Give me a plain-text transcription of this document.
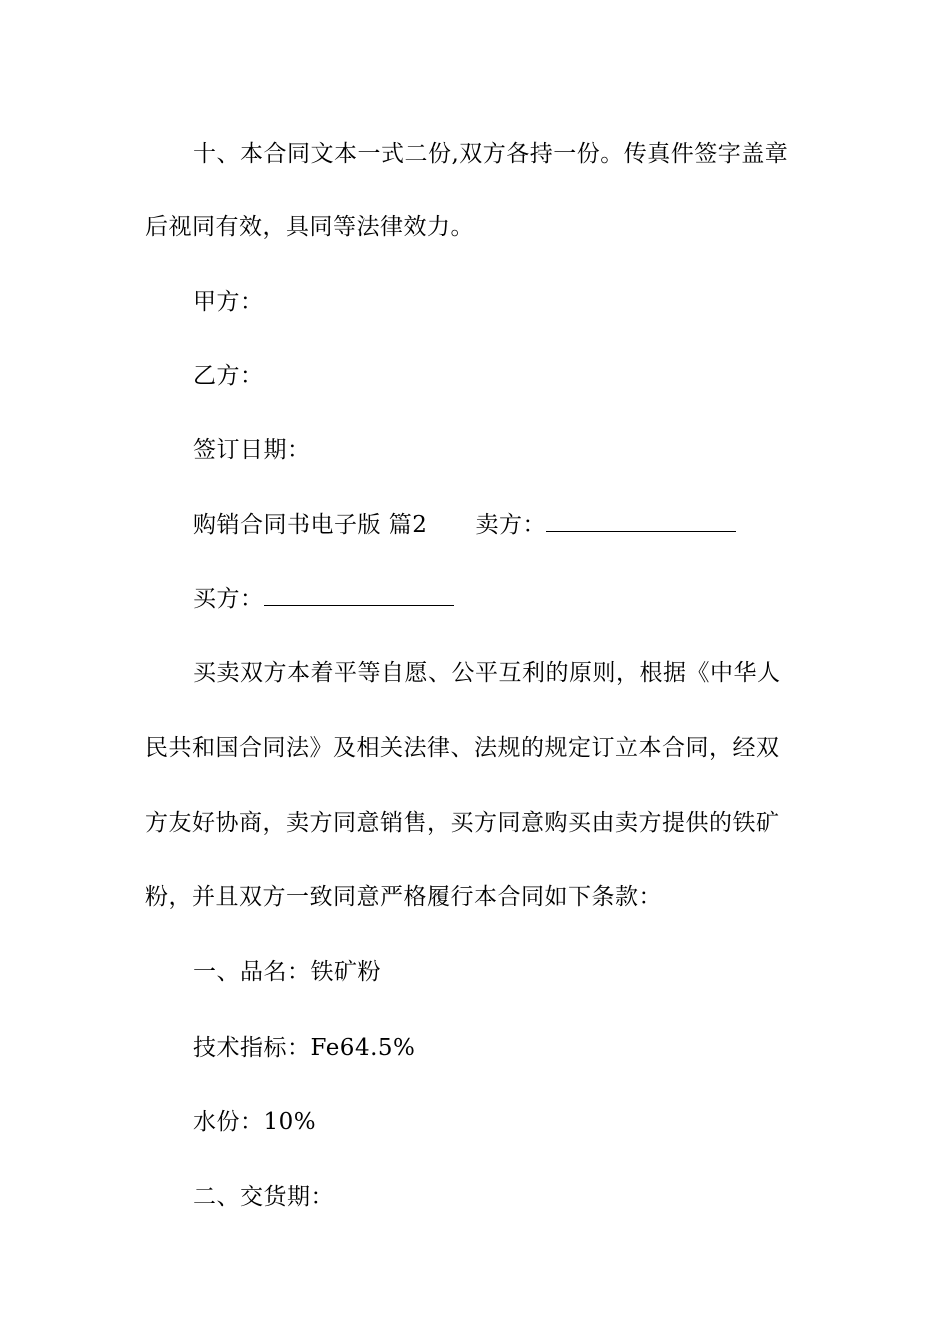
十、本合同文本一式二份,双方各持一份。传真件签字盖章
后视同有效，具同等法律效力。
甲方：
乙方：
签订日期：
购销合同书电子版 篇2 卖方：
买方：
买卖双方本着平等自愿、公平互利的原则，根据《中华人
民共和国合同法》及相关法律、法规的规定订立本合同，经双
方友好协商，卖方同意销售，买方同意购买由卖方提供的铁矿
粉，并且双方一致同意严格履行本合同如下条款：
一、品名：铁矿粉
技术指标：Fe64.5%
水份：10%
二、交货期：
